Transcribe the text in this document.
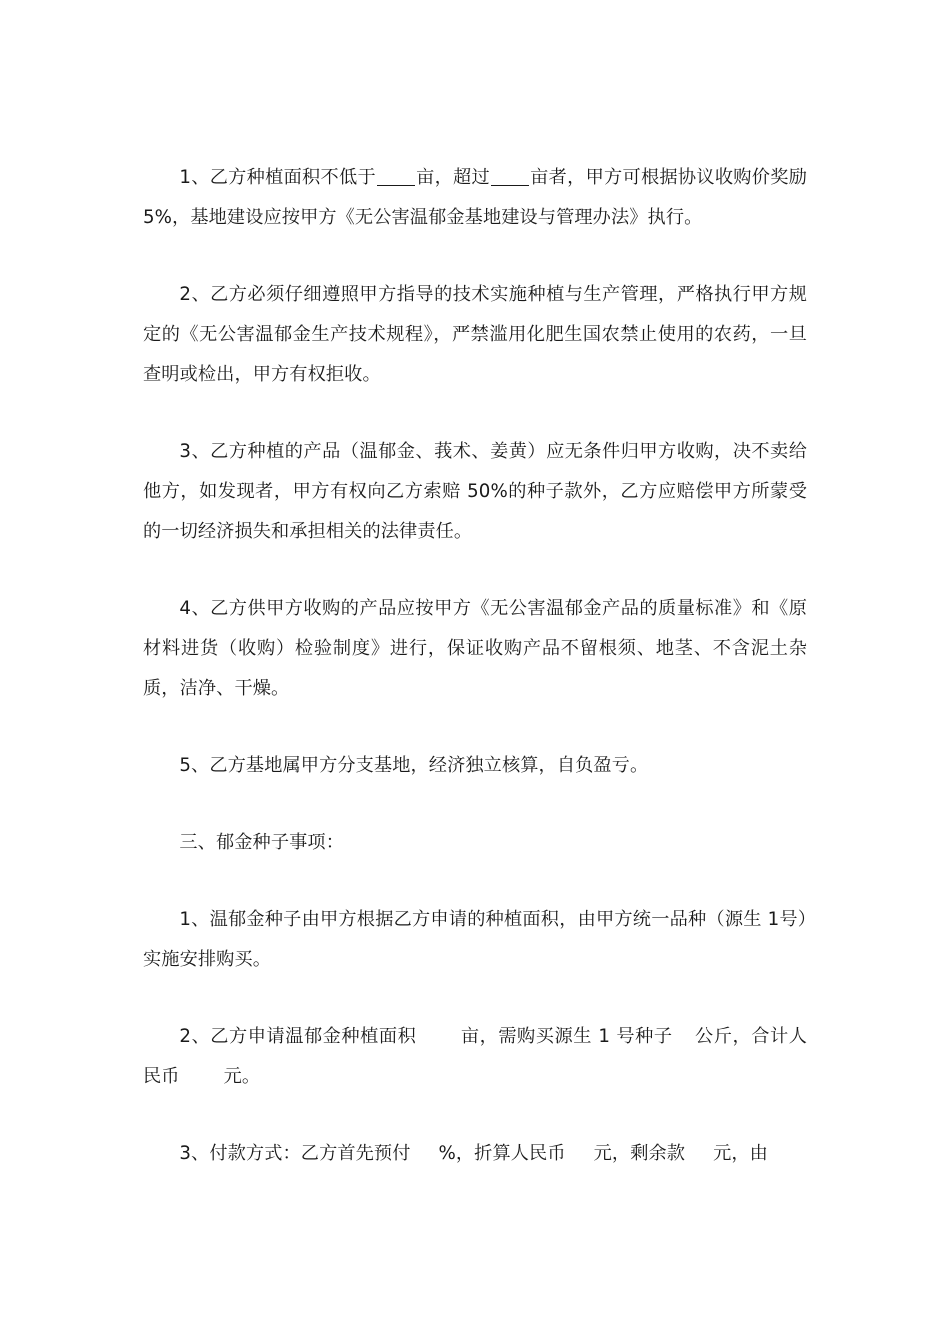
1、乙方种植面积不低于 亩，超过 亩者，甲方可根据协议收购价奖励 5%，基地建设应按甲方《无公害温郁金基地建设与管理办法》执行。

2、乙方必须仔细遵照甲方指导的技术实施种植与生产管理，严格执行甲方规定的《无公害温郁金生产技术规程》，严禁滥用化肥生国农禁止使用的农药，一旦查明或检出，甲方有权拒收。

3、乙方种植的产品（温郁金、莪术、姜黄）应无条件归甲方收购，决不卖给他方，如发现者，甲方有权向乙方索赔 50%的种子款外，乙方应赔偿甲方所蒙受的一切经济损失和承担相关的法律责任。

4、乙方供甲方收购的产品应按甲方《无公害温郁金产品的质量标准》和《原材料进货（收购）检验制度》进行，保证收购产品不留根须、地茎、不含泥土杂质，洁净、干燥。

5、乙方基地属甲方分支基地，经济独立核算，自负盈亏。

三、郁金种子事项：

1、温郁金种子由甲方根据乙方申请的种植面积，由甲方统一品种（源生 1号）实施安排购买。

2、乙方申请温郁金种植面积 亩，需购买源生 1 号种子 公斤，合计人民币 元。

3、付款方式：乙方首先预付 %，折算人民币 元，剩余款 元，由
